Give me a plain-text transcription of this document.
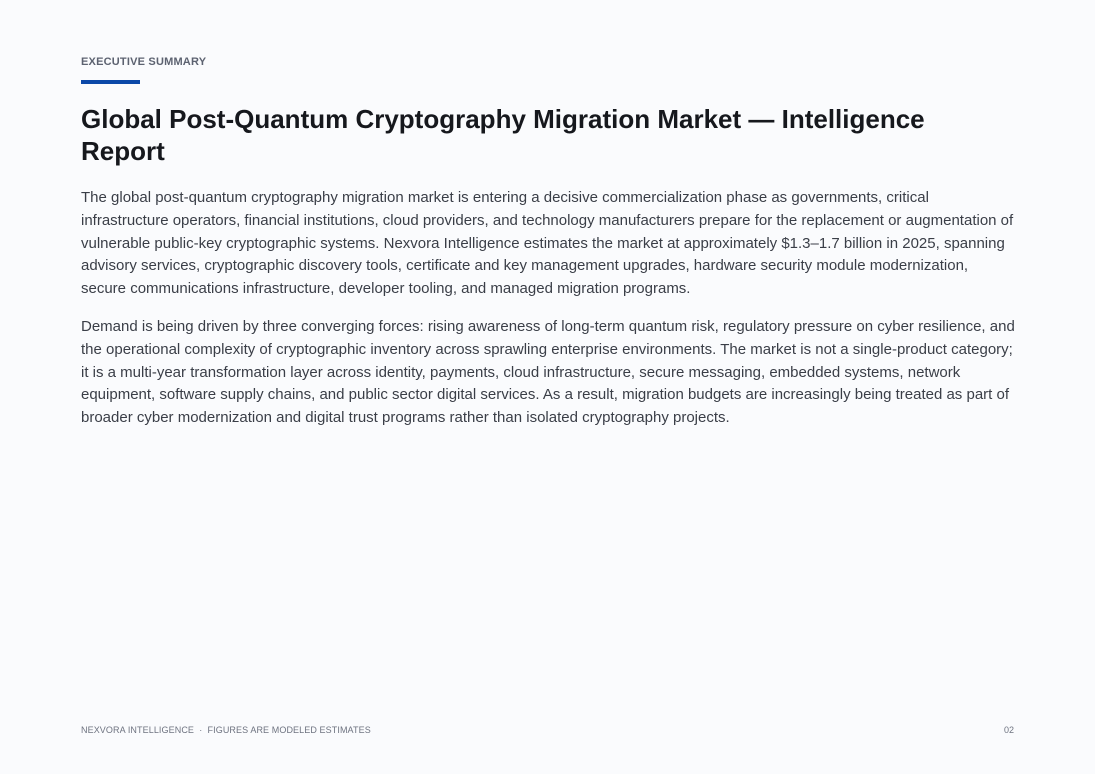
EXECUTIVE SUMMARY
Global Post-Quantum Cryptography Migration Market — Intelligence Report

The global post-quantum cryptography migration market is entering a decisive commercialization phase as governments, critical infrastructure operators, financial institutions, cloud providers, and technology manufacturers prepare for the replacement or augmentation of vulnerable public-key cryptographic systems. Nexvora Intelligence estimates the market at approximately $1.3–1.7 billion in 2025, spanning advisory services, cryptographic discovery tools, certificate and key management upgrades, hardware security module modernization, secure communications infrastructure, developer tooling, and managed migration programs.

Demand is being driven by three converging forces: rising awareness of long-term quantum risk, regulatory pressure on cyber resilience, and the operational complexity of cryptographic inventory across sprawling enterprise environments. The market is not a single-product category; it is a multi-year transformation layer across identity, payments, cloud infrastructure, secure messaging, embedded systems, network equipment, software supply chains, and public sector digital services. As a result, migration budgets are increasingly being treated as part of broader cyber modernization and digital trust programs rather than isolated cryptography projects.

NEXVORA INTELLIGENCE  ·  FIGURES ARE MODELED ESTIMATES	02
